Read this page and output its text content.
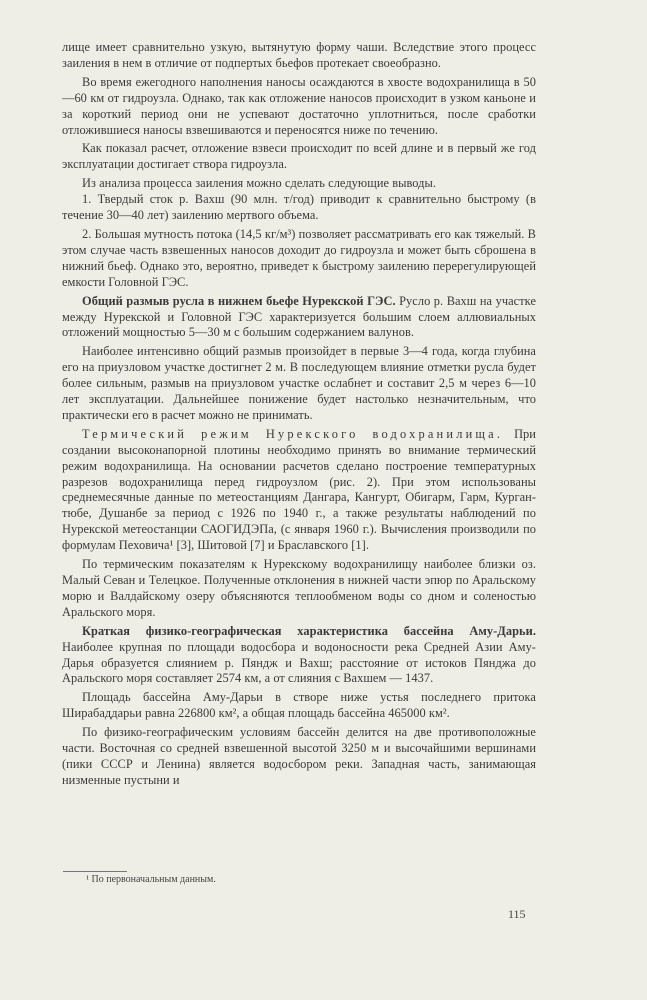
лище имеет сравнительно узкую, вытянутую форму чаши. Вследствие этого процесс заиления в нем в отличие от подпертых бьефов протекает своеобразно.

Во время ежегодного наполнения наносы осаждаются в хвосте водохранилища в 50—60 км от гидроузла. Однако, так как отложение наносов происходит в узком каньоне и за короткий период они не успевают достаточно уплотниться, после сработки отложившиеся наносы взвешиваются и переносятся ниже по течению.

Как показал расчет, отложение взвеси происходит по всей длине и в первый же год эксплуатации достигает створа гидроузла.

Из анализа процесса заиления можно сделать следующие выводы.

1. Твердый сток р. Вахш (90 млн. т/год) приводит к сравнительно быстрому (в течение 30—40 лет) заилению мертвого объема.

2. Большая мутность потока (14,5 кг/м³) позволяет рассматривать его как тяжелый. В этом случае часть взвешенных наносов доходит до гидроузла и может быть сброшена в нижний бьеф. Однако это, вероятно, приведет к быстрому заилению перерегулирующей емкости Головной ГЭС.

Общий размыв русла в нижнем бьефе Нурекской ГЭС. Русло р. Вахш на участке между Нурекской и Головной ГЭС характеризуется большим слоем аллювиальных отложений мощностью 5—30 м с большим содержанием валунов.

Наиболее интенсивно общий размыв произойдет в первые 3—4 года, когда глубина его на приузловом участке достигнет 2 м. В последующем влияние отметки русла будет более сильным, размыв на приузловом участке ослабнет и составит 2,5 м через 6—10 лет эксплуатации. Дальнейшее понижение будет настолько незначительным, что практически его в расчет можно не принимать.

Термический режим Нурекского водохранилища. При создании высоконапорной плотины необходимо принять во внимание термический режим водохранилища. На основании расчетов сделано построение температурных разрезов водохранилища перед гидроузлом (рис. 2). При этом использованы среднемесячные данные по метеостанциям Дангара, Кангурт, Обигарм, Гарм, Курган-тюбе, Душанбе за период с 1926 по 1940 г., а также результаты наблюдений по Нурекской метеостанции САОГИДЭПа, (с января 1960 г.). Вычисления производили по формулам Пеховича¹ [3], Шитовой [7] и Браславского [1].

По термическим показателям к Нурекскому водохранилищу наиболее близки оз. Малый Севан и Телецкое. Полученные отклонения в нижней части эпюр по Аральскому морю и Валдайскому озеру объясняются теплообменом воды со дном и соленостью Аральского моря.

Краткая физико-географическая характеристика бассейна Аму-Дарьи. Наиболее крупная по площади водосбора и водоносности река Средней Азии Аму-Дарья образуется слиянием р. Пяндж и Вахш; расстояние от истоков Пянджа до Аральского моря составляет 2574 км, а от слияния с Вахшем — 1437.

Площадь бассейна Аму-Дарьи в створе ниже устья последнего притока Ширабаддарьи равна 226800 км², а общая площадь бассейна 465000 км².

По физико-географическим условиям бассейн делится на две противоположные части. Восточная со средней взвешенной высотой 3250 м и высочайшими вершинами (пики СССР и Ленина) является водосбором реки. Западная часть, занимающая низменные пустыни и

¹ По первоначальным данным.
115
